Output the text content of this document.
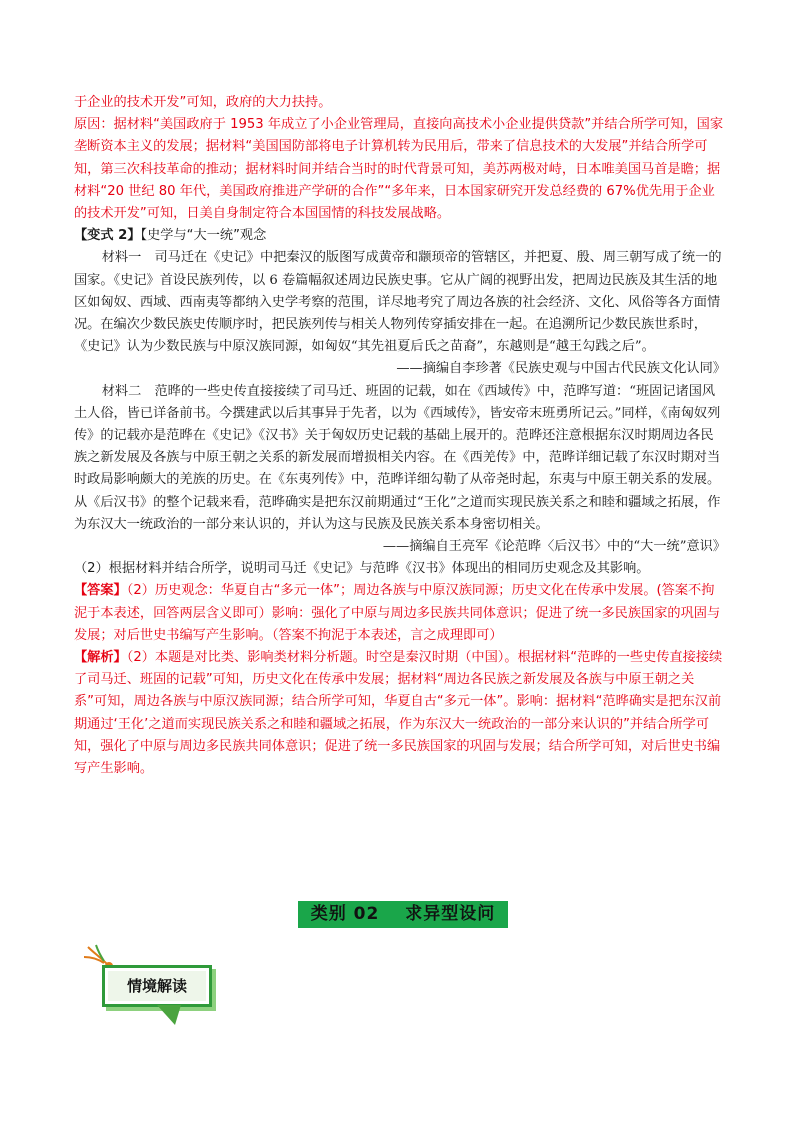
于企业的技术开发”可知，政府的大力扶持。

原因：据材料“美国政府于 1953 年成立了小企业管理局，直接向高技术小企业提供贷款”并结合所学可知，国家垄断资本主义的发展；据材料“美国国防部将电子计算机转为民用后，带来了信息技术的大发展”并结合所学可知，第三次科技革命的推动；据材料时间并结合当时的时代背景可知，美苏两极对峙，日本唯美国马首是瞻；据材料“20 世纪 80 年代，美国政府推进产学研的合作”“多年来，日本国家研究开发总经费的 67%优先用于企业的技术开发”可知，日美自身制定符合本国国情的科技发展战略。

【变式 2】【史学与“大一统”观念

材料一　司马迁在《史记》中把秦汉的版图写成黄帝和颛顼帝的管辖区，并把夏、殷、周三朝写成了统一的国家。《史记》首设民族列传，以 6 卷篇幅叙述周边民族史事。它从广阔的视野出发，把周边民族及其生活的地区如匈奴、西域、西南夷等都纳入史学考察的范围，详尽地考究了周边各族的社会经济、文化、风俗等各方面情况。在编次少数民族史传顺序时，把民族列传与相关人物列传穿插安排在一起。在追溯所记少数民族世系时，《史记》认为少数民族与中原汉族同源，如匈奴“其先祖夏后氏之苗裔”，东越则是“越王勾践之后”。

——摘编自李珍著《民族史观与中国古代民族文化认同》

材料二　范晔的一些史传直接接续了司马迁、班固的记载，如在《西域传》中，范晔写道：“班固记诸国风土人俗，皆已详备前书。今撰建武以后其事异于先者，以为《西域传》，皆安帝末班勇所记云。”同样，《南匈奴列传》的记载亦是范晔在《史记》《汉书》关于匈奴历史记载的基础上展开的。范晔还注意根据东汉时期周边各民族之新发展及各族与中原王朝之关系的新发展而增损相关内容。在《西羌传》中，范晔详细记载了东汉时期对当时政局影响颇大的羌族的历史。在《东夷列传》中，范晔详细勾勒了从帝尧时起，东夷与中原王朝关系的发展。从《后汉书》的整个记载来看，范晔确实是把东汉前期通过“王化”之道而实现民族关系之和睦和疆域之拓展，作为东汉大一统政治的一部分来认识的，并认为这与民族及民族关系本身密切相关。

——摘编自王亮军《论范晔〈后汉书〉中的“大一统”意识》

（2）根据材料并结合所学，说明司马迁《史记》与范晔《汉书》体现出的相同历史观念及其影响。

【答案】（2）历史观念：华夏自古“多元一体”；周边各族与中原汉族同源；历史文化在传承中发展。(答案不拘泥于本表述，回答两层含义即可）影响：强化了中原与周边多民族共同体意识；促进了统一多民族国家的巩固与发展；对后世史书编写产生影响。（答案不拘泥于本表述，言之成理即可）

【解析】（2）本题是对比类、影响类材料分析题。时空是秦汉时期（中国）。根据材料“范晔的一些史传直接接续了司马迁、班固的记载”可知，历史文化在传承中发展；据材料“周边各民族之新发展及各族与中原王朝之关系”可知，周边各族与中原汉族同源；结合所学可知，华夏自古“多元一体”。影响：据材料“范晔确实是把东汉前期通过‘王化’之道而实现民族关系之和睦和疆域之拓展，作为东汉大一统政治的一部分来认识的”并结合所学可知，强化了中原与周边多民族共同体意识；促进了统一多民族国家的巩固与发展；结合所学可知，对后世史书编写产生影响。

类别 02 求异型设问
情境解读
